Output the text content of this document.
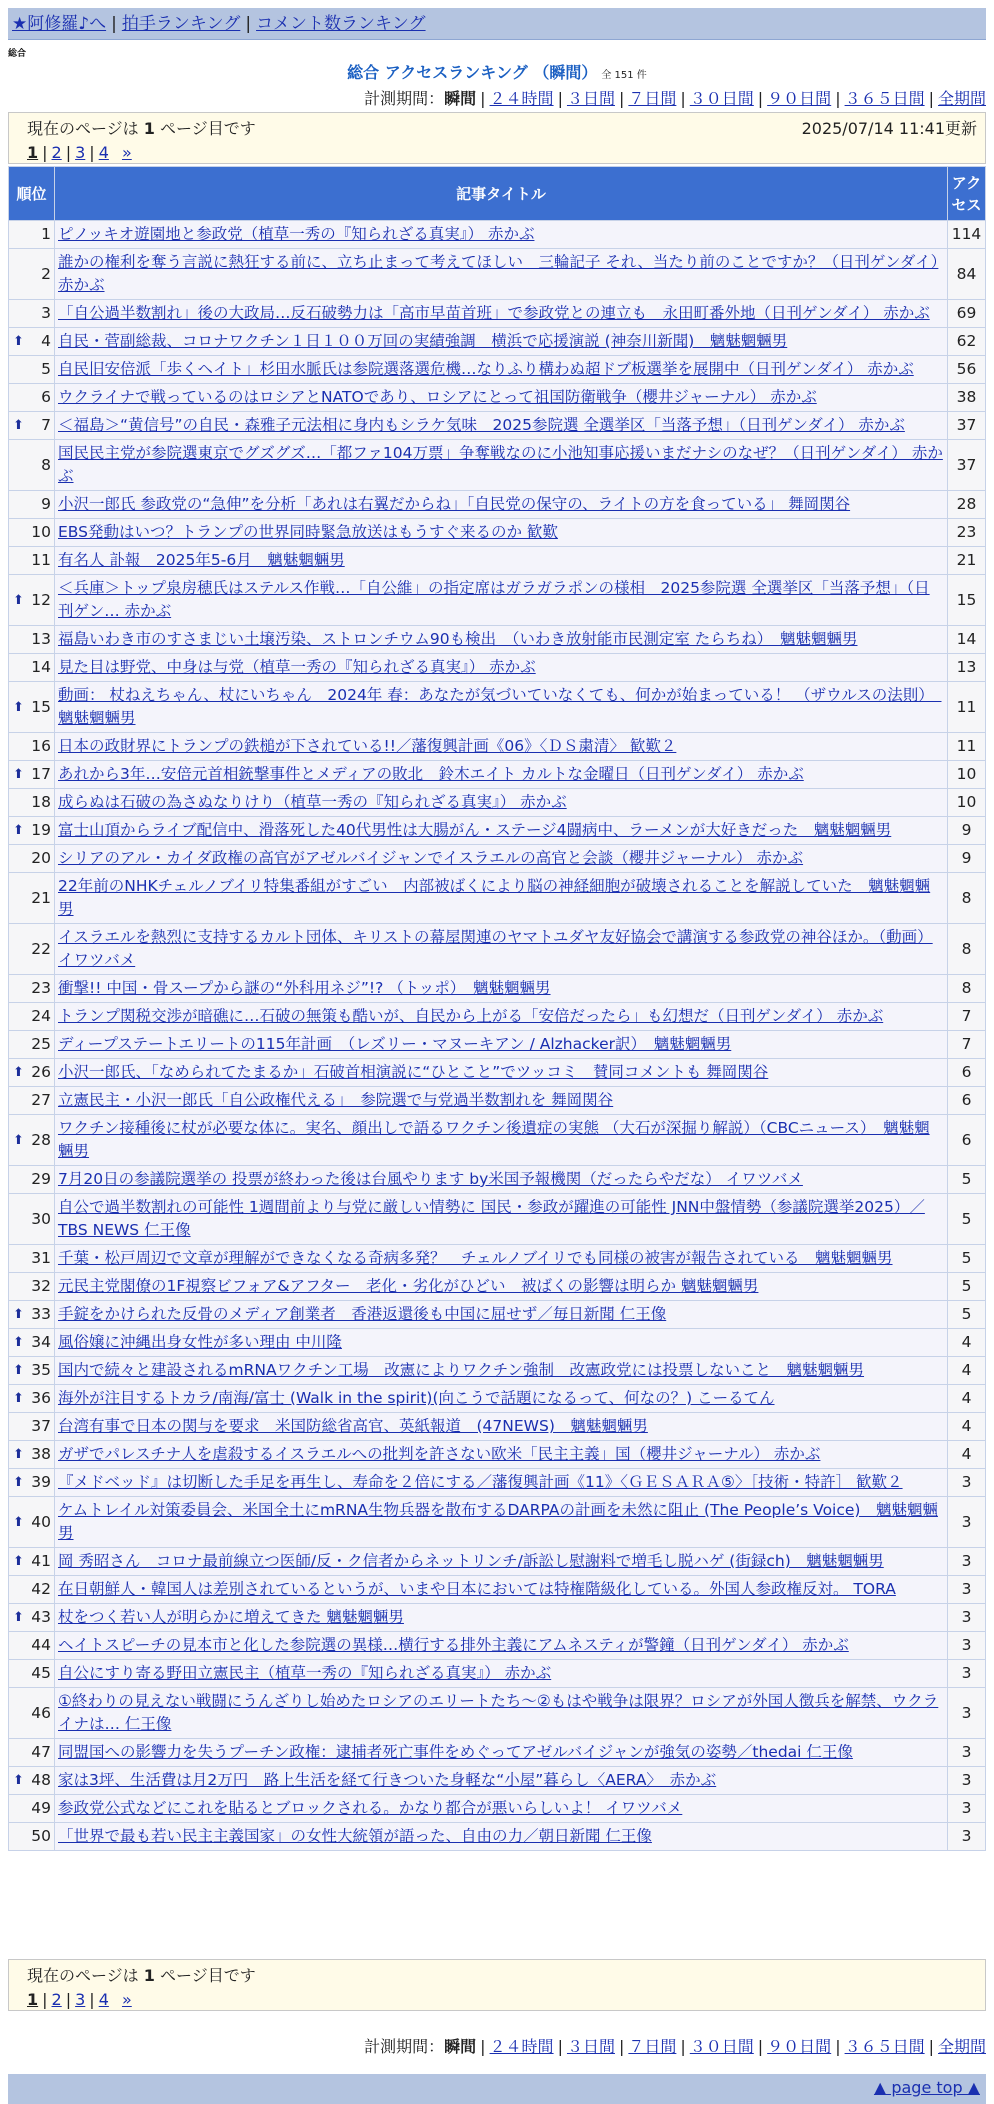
★阿修羅♪へ | 拍手ランキング | コメント数ランキング
総合
総合 アクセスランキング （瞬間） 全 151 件
計測期間：瞬間 | ２４時間 | ３日間 | ７日間 | ３０日間 | ９０日間 | ３６５日間 | 全期間
現在のページは 1 ページ目です	2025/07/14 11:41更新
1 | 2 | 3 | 4 »
順位	記事タイトル	アクセス
1	ピノッキオ遊園地と参政党（植草一秀の『知られざる真実』） 赤かぶ	114
2	誰かの権利を奪う言説に熱狂する前に、立ち止まって考えてほしい　三輪記子 それ、当たり前のことですか？（日刊ゲンダイ）赤かぶ	84
3	「自公過半数割れ」後の大政局…反石破勢力は「高市早苗首班」で参政党との連立も　永田町番外地（日刊ゲンダイ） 赤かぶ	69

⬆ 4	自民・菅副総裁、コロナワクチン１日１００万回の実績強調　横浜で応援演説 (神奈川新聞)　魑魅魍魎男	62
5	自民旧安倍派「歩くヘイト」杉田水脈氏は参院選落選危機…なりふり構わぬ超ドブ板選挙を展開中（日刊ゲンダイ） 赤かぶ	56
6	ウクライナで戦っているのはロシアとNATOであり、ロシアにとって祖国防衛戦争（櫻井ジャーナル） 赤かぶ	38

⬆ 7	＜福島＞“黄信号”の自民・森雅子元法相に身内もシラケ気味　2025参院選 全選挙区「当落予想」（日刊ゲンダイ） 赤かぶ	37
8	国民民主党が参院選東京でグズグズ…「都ファ104万票」争奪戦なのに小池知事応援いまだナシのなぜ？（日刊ゲンダイ） 赤かぶ	37
9	小沢一郎氏 参政党の“急伸”を分析「あれは右翼だからね」「自民党の保守の、ライトの方を食っている」 舞岡関谷	28
10	EBS発動はいつ？トランプの世界同時緊急放送はもうすぐ来るのか 歓歎	23
11	有名人 訃報　2025年5-6月　魑魅魍魎男	21

⬆ 12	＜兵庫＞トップ泉房穂氏はステルス作戦…「自公維」の指定席はガラガラポンの様相　2025参院選 全選挙区「当落予想」（日刊ゲン… 赤かぶ	15
13	福島いわき市のすさまじい土壌汚染、ストロンチウム90も検出　（いわき放射能市民測定室 たらちね）　魑魅魍魎男	14
14	見た目は野党、中身は与党（植草一秀の『知られざる真実』） 赤かぶ	13

⬆ 15	動画： 杖ねえちゃん、杖にいちゃん　2024年 春：あなたが気づいていなくても、何かが始まっている！ （ザウルスの法則）　魑魅魍魎男	11
16	日本の政財界にトランプの鉄槌が下されている!!／藩復興計画《06》〈ＤＳ粛清〉 歓歎２	11

⬆ 17	あれから3年…安倍元首相銃撃事件とメディアの敗北　鈴木エイト カルトな金曜日（日刊ゲンダイ） 赤かぶ	10
18	成らぬは石破の為さぬなりけり（植草一秀の『知られざる真実』） 赤かぶ	10

⬆ 19	富士山頂からライブ配信中、滑落死した40代男性は大腸がん・ステージ4闘病中、ラーメンが大好きだった　魑魅魍魎男	9
20	シリアのアル・カイダ政権の高官がアゼルバイジャンでイスラエルの高官と会談（櫻井ジャーナル） 赤かぶ	9
21	22年前のNHKチェルノブイリ特集番組がすごい　内部被ばくにより脳の神経細胞が破壊されることを解説していた　魑魅魍魎男	8
22	イスラエルを熱烈に支持するカルト団体、キリストの幕屋関連のヤマトユダヤ友好協会で講演する参政党の神谷ほか。（動画） イワツバメ	8
23	衝撃!! 中国・骨スープから謎の“外科用ネジ”!? （トッポ）　魑魅魍魎男	8
24	トランプ関税交渉が暗礁に…石破の無策も酷いが、自民から上がる「安倍だったら」も幻想だ（日刊ゲンダイ） 赤かぶ	7
25	ディープステートエリートの115年計画　（レズリー・マヌーキアン / Alzhacker訳）　魑魅魍魎男	7

⬆ 26	小沢一郎氏、「なめられてたまるか」石破首相演説に“ひとこと”でツッコミ　賛同コメントも 舞岡関谷	6
27	立憲民主・小沢一郎氏「自公政権代える」　参院選で与党過半数割れを 舞岡関谷	6

⬆ 28	ワクチン接種後に杖が必要な体に。実名、顔出しで語るワクチン後遺症の実態 （大石が深掘り解説）（CBCニュース）　魑魅魍魎男	6
29	7月20日の参議院選挙の 投票が終わった後は台風やります by米国予報機関（だったらやだな） イワツバメ	5
30	自公で過半数割れの可能性 1週間前より与党に厳しい情勢に 国民・参政が躍進の可能性 JNN中盤情勢（参議院選挙2025）／TBS NEWS 仁王像	5
31	千葉・松戸周辺で文章が理解ができなくなる奇病多発？　チェルノブイリでも同様の被害が報告されている　魑魅魍魎男	5
32	元民主党閣僚の1F視察ビフォア&アフター　老化・劣化がひどい　被ばくの影響は明らか 魑魅魍魎男	5

⬆ 33	手錠をかけられた反骨のメディア創業者　香港返還後も中国に屈せず／毎日新聞 仁王像	5

⬆ 34	風俗嬢に沖縄出身女性が多い理由 中川隆	4

⬆ 35	国内で続々と建設されるmRNAワクチン工場　改憲によりワクチン強制　改憲政党には投票しないこと　魑魅魍魎男	4

⬆ 36	海外が注目するトカラ/南海/富士 (Walk in the spirit)(向こうで話題になるって、何なの？) こーるてん	4
37	台湾有事で日本の関与を要求　米国防総省高官、英紙報道　(47NEWS)　魑魅魍魎男	4

⬆ 38	ガザでパレスチナ人を虐殺するイスラエルへの批判を許さない欧米「民主主義」国（櫻井ジャーナル） 赤かぶ	4

⬆ 39	『メドベッド』は切断した手足を再生し、寿命を２倍にする／藩復興計画《11》〈ＧＥＳＡＲＡ⑤〉［技術・特許］ 歓歎２	3

⬆ 40	ケムトレイル対策委員会、米国全土にmRNA生物兵器を散布するDARPAの計画を未然に阻止 (The People’s Voice)　魑魅魍魎男	3

⬆ 41	岡 秀昭さん　コロナ最前線立つ医師/反・ク信者からネットリンチ/訴訟し慰謝料で増毛し脱ハゲ (街録ch)　魑魅魍魎男	3
42	在日朝鮮人・韓国人は差別されているというが、いまや日本においては特権階級化している。外国人参政権反対。 TORA	3

⬆ 43	杖をつく若い人が明らかに増えてきた 魑魅魍魎男	3
44	ヘイトスピーチの見本市と化した参院選の異様…横行する排外主義にアムネスティが警鐘（日刊ゲンダイ） 赤かぶ	3
45	自公にすり寄る野田立憲民主（植草一秀の『知られざる真実』） 赤かぶ	3
46	①終わりの見えない戦闘にうんざりし始めたロシアのエリートたち～②もはや戦争は限界？ロシアが外国人徴兵を解禁、ウクライナは… 仁王像	3
47	同盟国への影響力を失うプーチン政権：逮捕者死亡事件をめぐってアゼルバイジャンが強気の姿勢／thedai 仁王像	3

⬆ 48	家は3坪、生活費は月2万円　路上生活を経て行きついた身軽な“小屋”暮らし〈AERA〉　赤かぶ	3
49	参政党公式などにこれを貼るとブロックされる。かなり都合が悪いらしいよ！ イワツバメ	3
50	「世界で最も若い民主主義国家」の女性大統領が語った、自由の力／朝日新聞 仁王像	3
現在のページは 1 ページ目です
1 | 2 | 3 | 4 »
計測期間：瞬間 | ２４時間 | ３日間 | ７日間 | ３０日間 | ９０日間 | ３６５日間 | 全期間
▲ page top ▲
